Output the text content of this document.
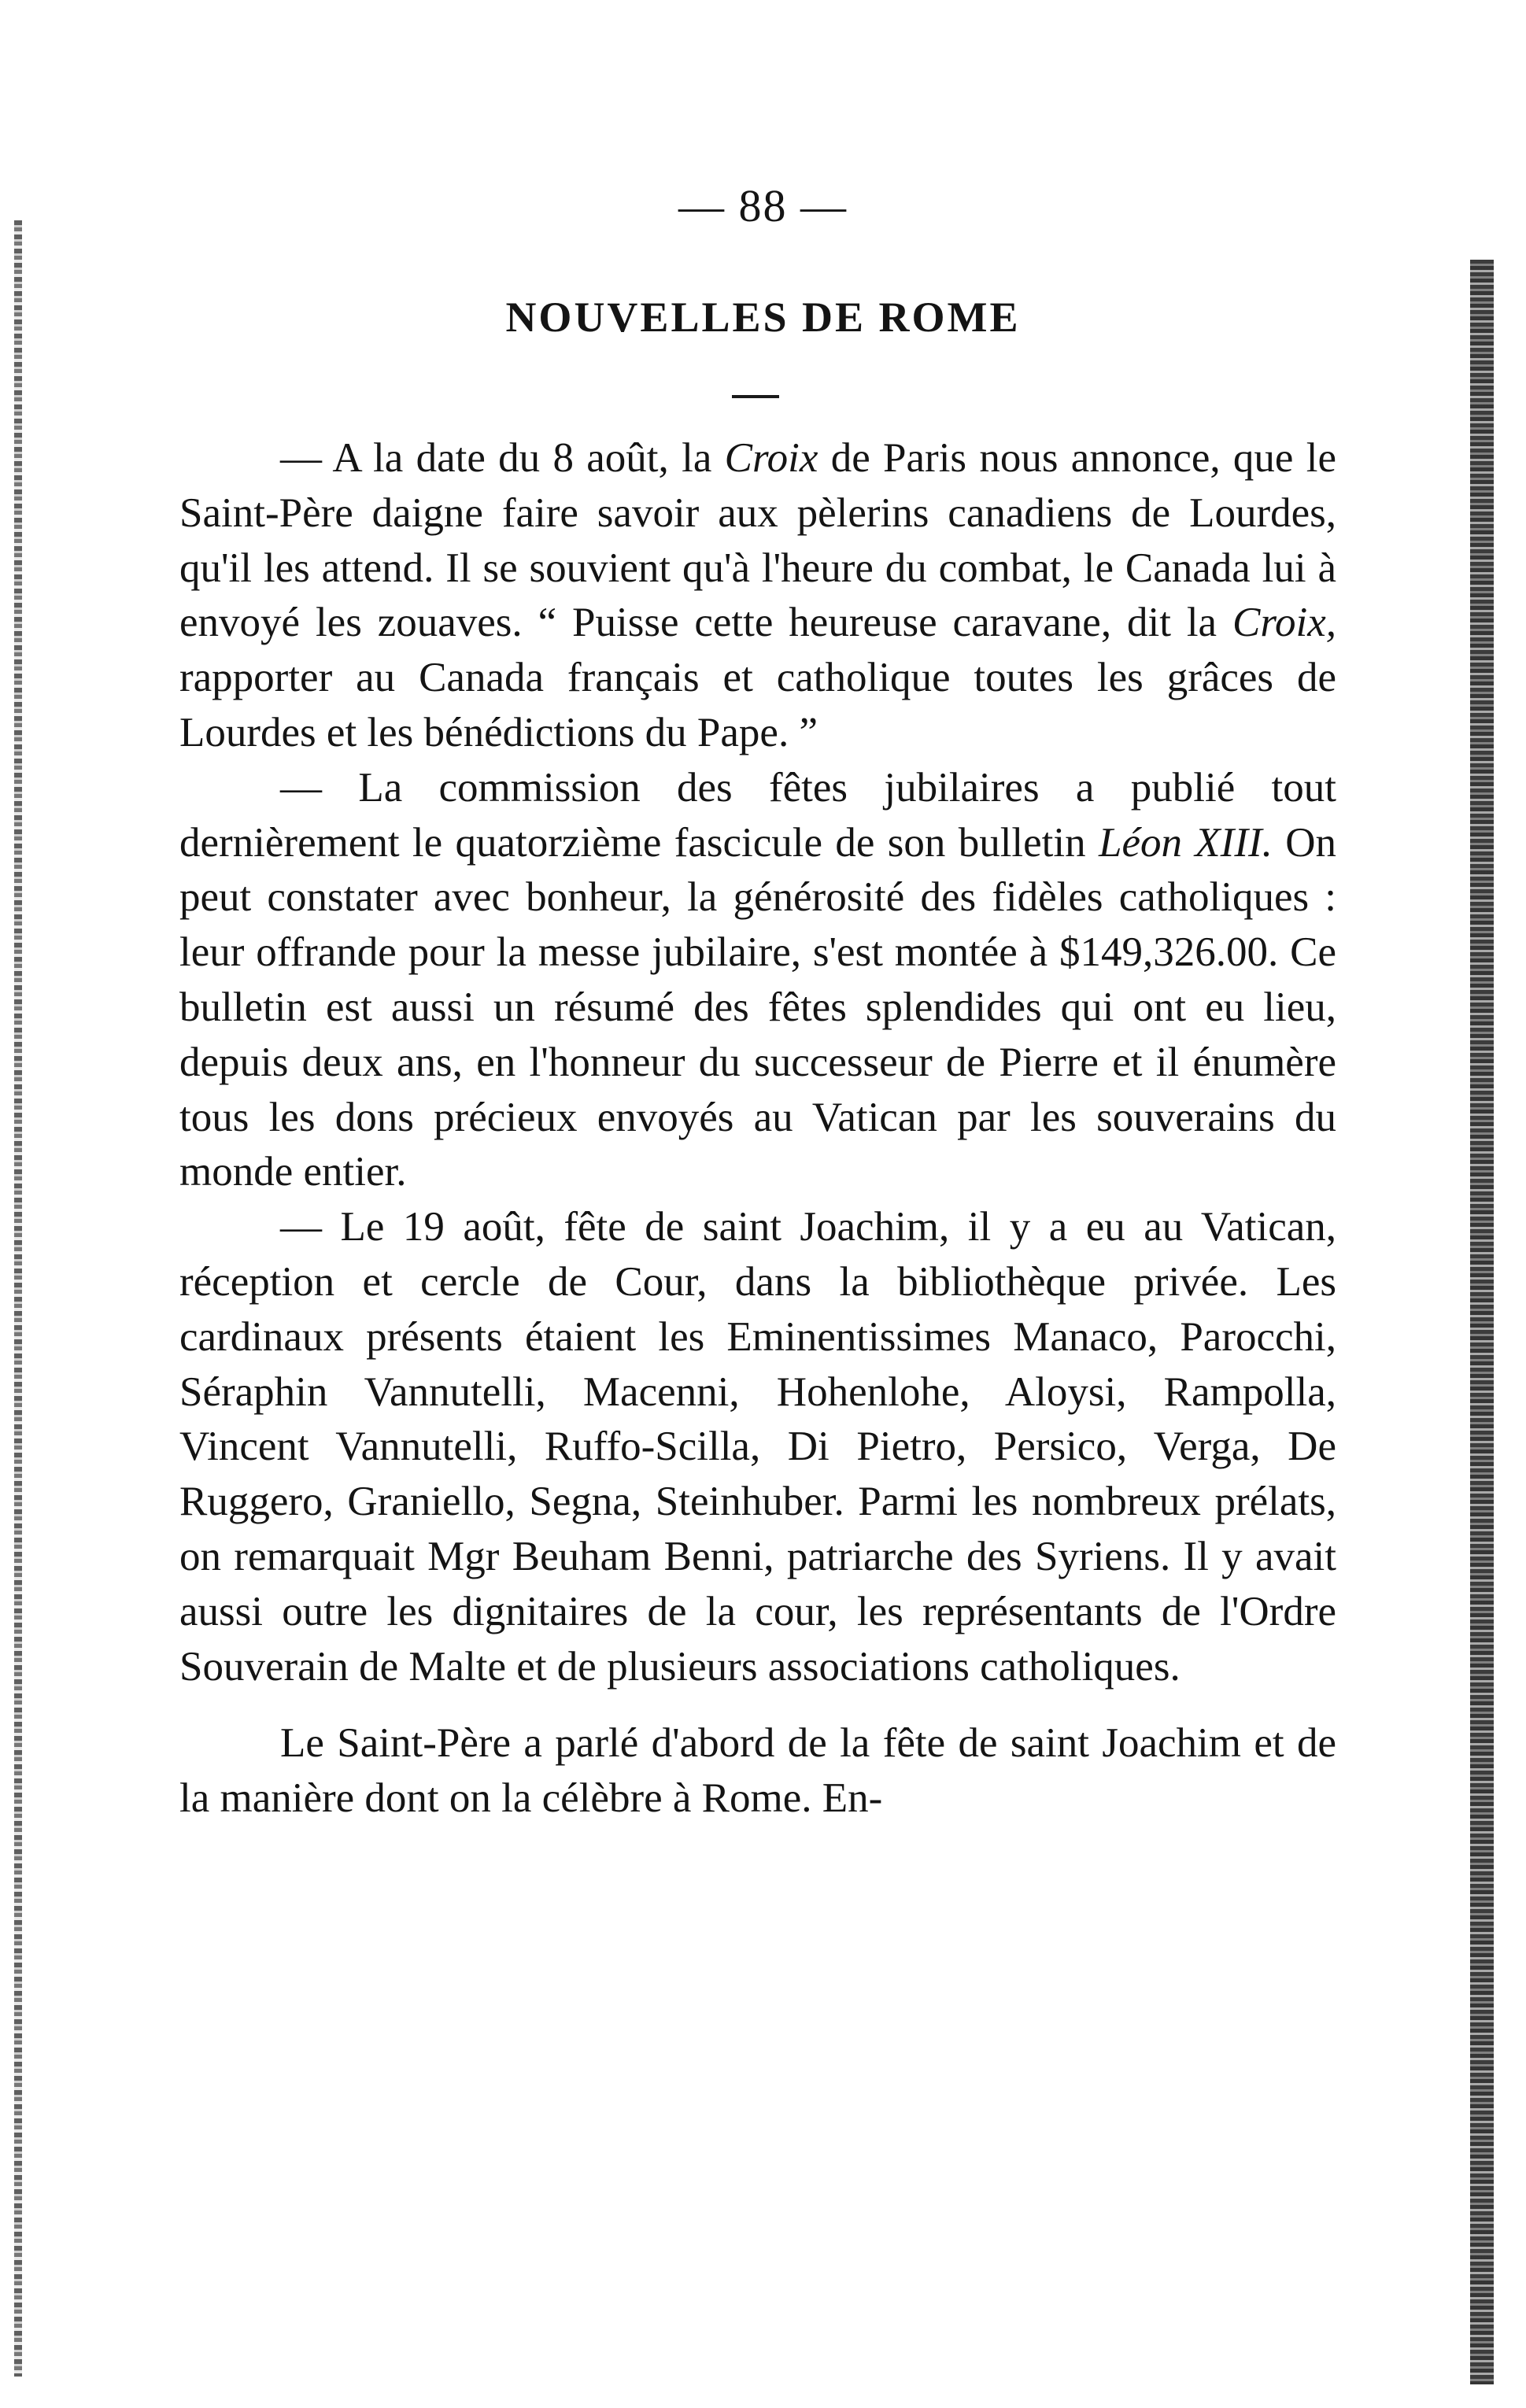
— 88 —
NOUVELLES DE ROME

— A la date du 8 août, la Croix de Paris nous annonce, que le Saint-Père daigne faire savoir aux pèlerins canadiens de Lourdes, qu'il les attend. Il se souvient qu'à l'heure du combat, le Canada lui à envoyé les zouaves. “ Puisse cette heureuse caravane, dit la Croix, rapporter au Canada français et catholique toutes les grâces de Lourdes et les bénédictions du Pape. ”

— La commission des fêtes jubilaires a publié tout dernièrement le quatorzième fascicule de son bulletin Léon XIII. On peut constater avec bonheur, la générosité des fidèles catholiques : leur offrande pour la messe jubilaire, s'est montée à $149,326.00. Ce bulletin est aussi un résumé des fêtes splendides qui ont eu lieu, depuis deux ans, en l'honneur du successeur de Pierre et il énumère tous les dons précieux envoyés au Vatican par les souverains du monde entier.

— Le 19 août, fête de saint Joachim, il y a eu au Vatican, réception et cercle de Cour, dans la bibliothèque privée. Les cardinaux présents étaient les Eminentissimes Manaco, Parocchi, Séraphin Vannutelli, Macenni, Hohenlohe, Aloysi, Rampolla, Vincent Vannutelli, Ruffo-Scilla, Di Pietro, Persico, Verga, De Ruggero, Graniello, Segna, Steinhuber. Parmi les nombreux prélats, on remarquait Mgr Beuham Benni, patriarche des Syriens. Il y avait aussi outre les dignitaires de la cour, les représentants de l'Ordre Souverain de Malte et de plusieurs associations catholiques.

Le Saint-Père a parlé d'abord de la fête de saint Joachim et de la manière dont on la célèbre à Rome. En-
